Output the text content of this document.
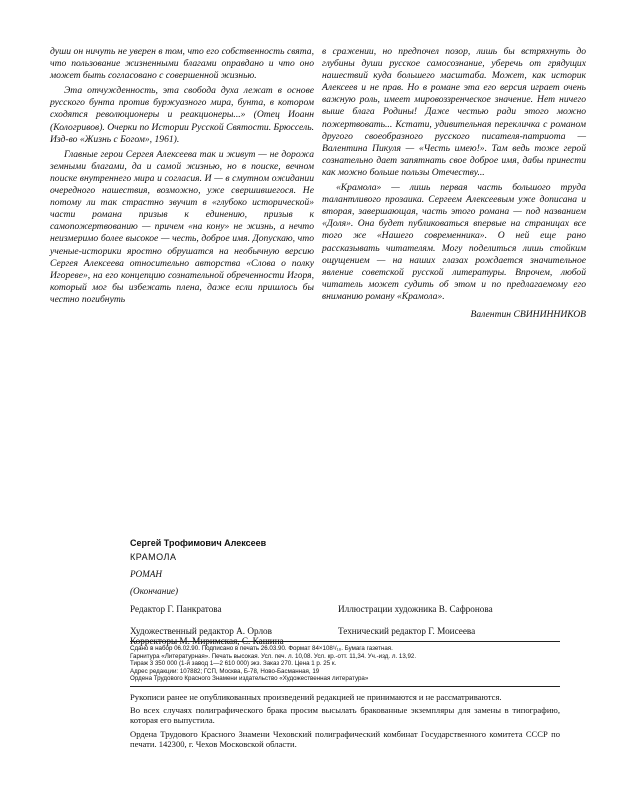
души он ничуть не уверен в том, что его собственность свята, что пользование жизненными благами оправдано и что оно может быть согласовано с совершенной жизнью.

Эта отчужденность, эта свобода духа лежат в основе русского бунта против буржуазного мира, бунта, в котором сходятся революционеры и реакционеры...» (Отец Иоанн (Кологривов). Очерки по Истории Русской Святости. Брюссель. Изд-во «Жизнь с Богом», 1961).

Главные герои Сергея Алексеева так и живут — не дорожа земными благами, да и самой жизнью, но в поиске, вечном поиске внутреннего мира и согласия. И — в смутном ожидании очередного нашествия, возможно, уже свершившегося. Не потому ли так страстно звучит в «глубоко исторической» части романа призыв к единению, призыв к самопожертвованию — причем «на кону» не жизнь, а нечто неизмеримо более высокое — честь, доброе имя. Допускаю, что ученые-историки яростно обрушатся на необычную версию Сергея Алексеева относительно авторства «Слова о полку Игореве», на его концепцию сознательной обреченности Игоря, который мог бы избежать плена, даже если пришлось бы честно погибнуть

в сражении, но предпочел позор, лишь бы встряхнуть до глубины души русское самосознание, уберечь от грядущих нашествий куда большего масштаба. Может, как историк Алексеев и не прав. Но в романе эта его версия играет очень важную роль, имеет мировоззренческое значение. Нет ничего выше блага Родины! Даже честью ради этого можно пожертвовать... Кстати, удивительная перекличка с романом другого своеобразного русского писателя-патриота — Валентина Пикуля — «Честь имею!». Там ведь тоже герой сознательно дает запятнать свое доброе имя, дабы принести как можно больше пользы Отечеству...

«Крамола» — лишь первая часть большого труда талантливого прозаика. Сергеем Алексеевым уже дописана и вторая, завершающая, часть этого романа — под названием «Доля». Она будет публиковаться впервые на страницах все того же «Нашего современника». О ней еще рано рассказывать читателям. Могу поделиться лишь стойким ощущением — на наших глазах рождается значительное явление советской русской литературы. Впрочем, любой читатель может судить об этом и по предлагаемому его вниманию роману «Крамола».

Валентин СВИНИННИКОВ

Сергей Трофимович Алексеев

КРАМОЛА

РОМАН

(Окончание)

Редактор Г. Панкратова	Иллюстрации художника В. Сафронова
Художественный редактор А. Орлов	Технический редактор Г. Моисеева
Корректоры М. Миримская, С. Кашина
Сдано в набор 06.02.90. Подписано в печать 26.03.90. Формат 84×108¹/₁₆. Бумага газетная.
Гарнитура «Литературная». Печать высокая. Усл. печ. л. 10,08. Усл. кр.-отт. 11,34. Уч.-изд. л. 13,92.
Тираж 3 350 000 (1-й завод 1—2 610 000) экз. Заказ 270. Цена 1 р. 25 к.
Адрес редакции: 107882; ГСП, Москва, Б-78, Ново-Басманная, 19
Ордена Трудового Красного Знамени издательство «Художественная литература»

Рукописи ранее не опубликованных произведений редакцией не принимаются и не рассматриваются.

Во всех случаях полиграфического брака просим высылать бракованные экземпляры для замены в типографию, которая его выпустила.

Ордена Трудового Красного Знамени Чеховский полиграфический комбинат Государственного комитета СССР по печати. 142300, г. Чехов Московской области.
